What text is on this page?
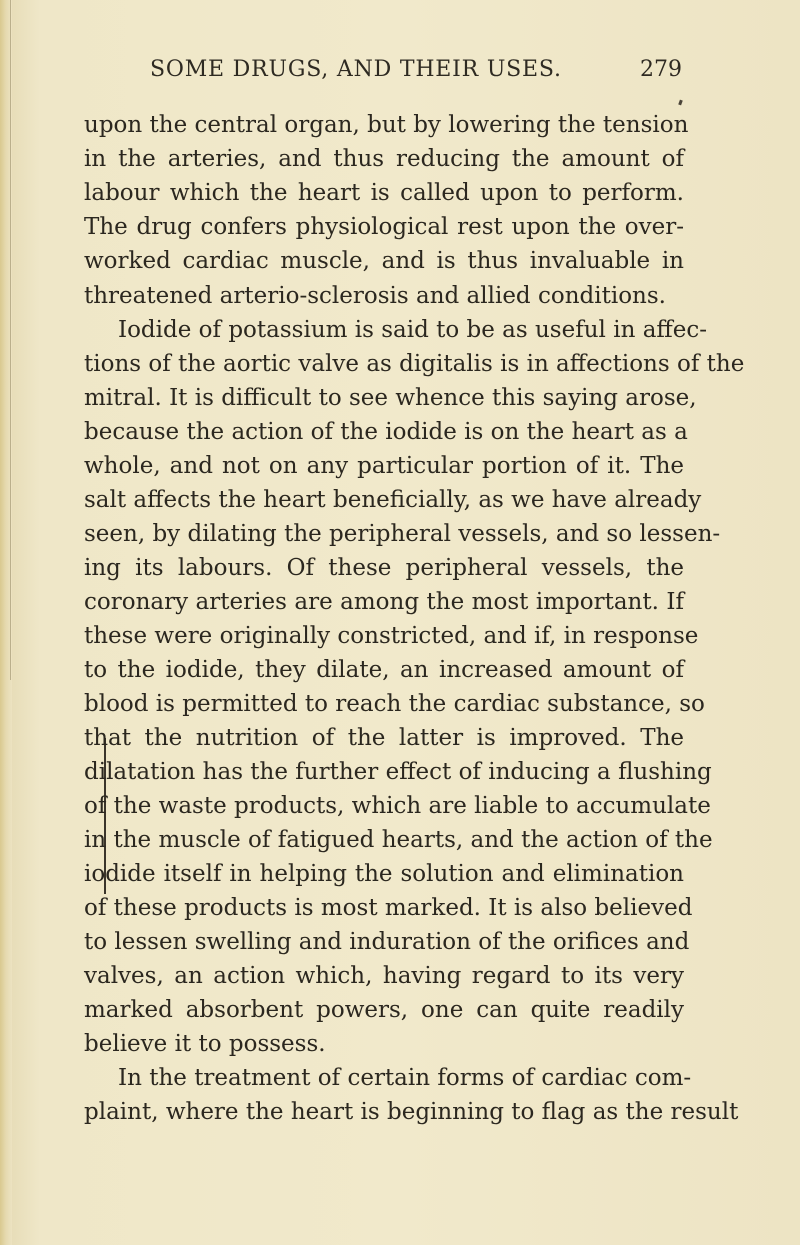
SOME DRUGS, AND THEIR USES.	279
upon the central organ, but by lowering the tension
in the arteries, and thus reducing the amount of
labour which the heart is called upon to perform.
The drug confers physiological rest upon the over-
worked cardiac muscle, and is thus invaluable in
threatened arterio-sclerosis and allied conditions.
Iodide of potassium is said to be as useful in affec-
tions of the aortic valve as digitalis is in affections of the
mitral. It is difficult to see whence this saying arose,
because the action of the iodide is on the heart as a
whole, and not on any particular portion of it. The
salt affects the heart beneficially, as we have already
seen, by dilating the peripheral vessels, and so lessen-
ing its labours. Of these peripheral vessels, the
coronary arteries are among the most important. If
these were originally constricted, and if, in response
to the iodide, they dilate, an increased amount of
blood is permitted to reach the cardiac substance, so
that the nutrition of the latter is improved. The
dilatation has the further effect of inducing a flushing
of the waste products, which are liable to accumulate
in the muscle of fatigued hearts, and the action of the
iodide itself in helping the solution and elimination
of these products is most marked. It is also believed
to lessen swelling and induration of the orifices and
valves, an action which, having regard to its very
marked absorbent powers, one can quite readily
believe it to possess.
In the treatment of certain forms of cardiac com-
plaint, where the heart is beginning to flag as the result
